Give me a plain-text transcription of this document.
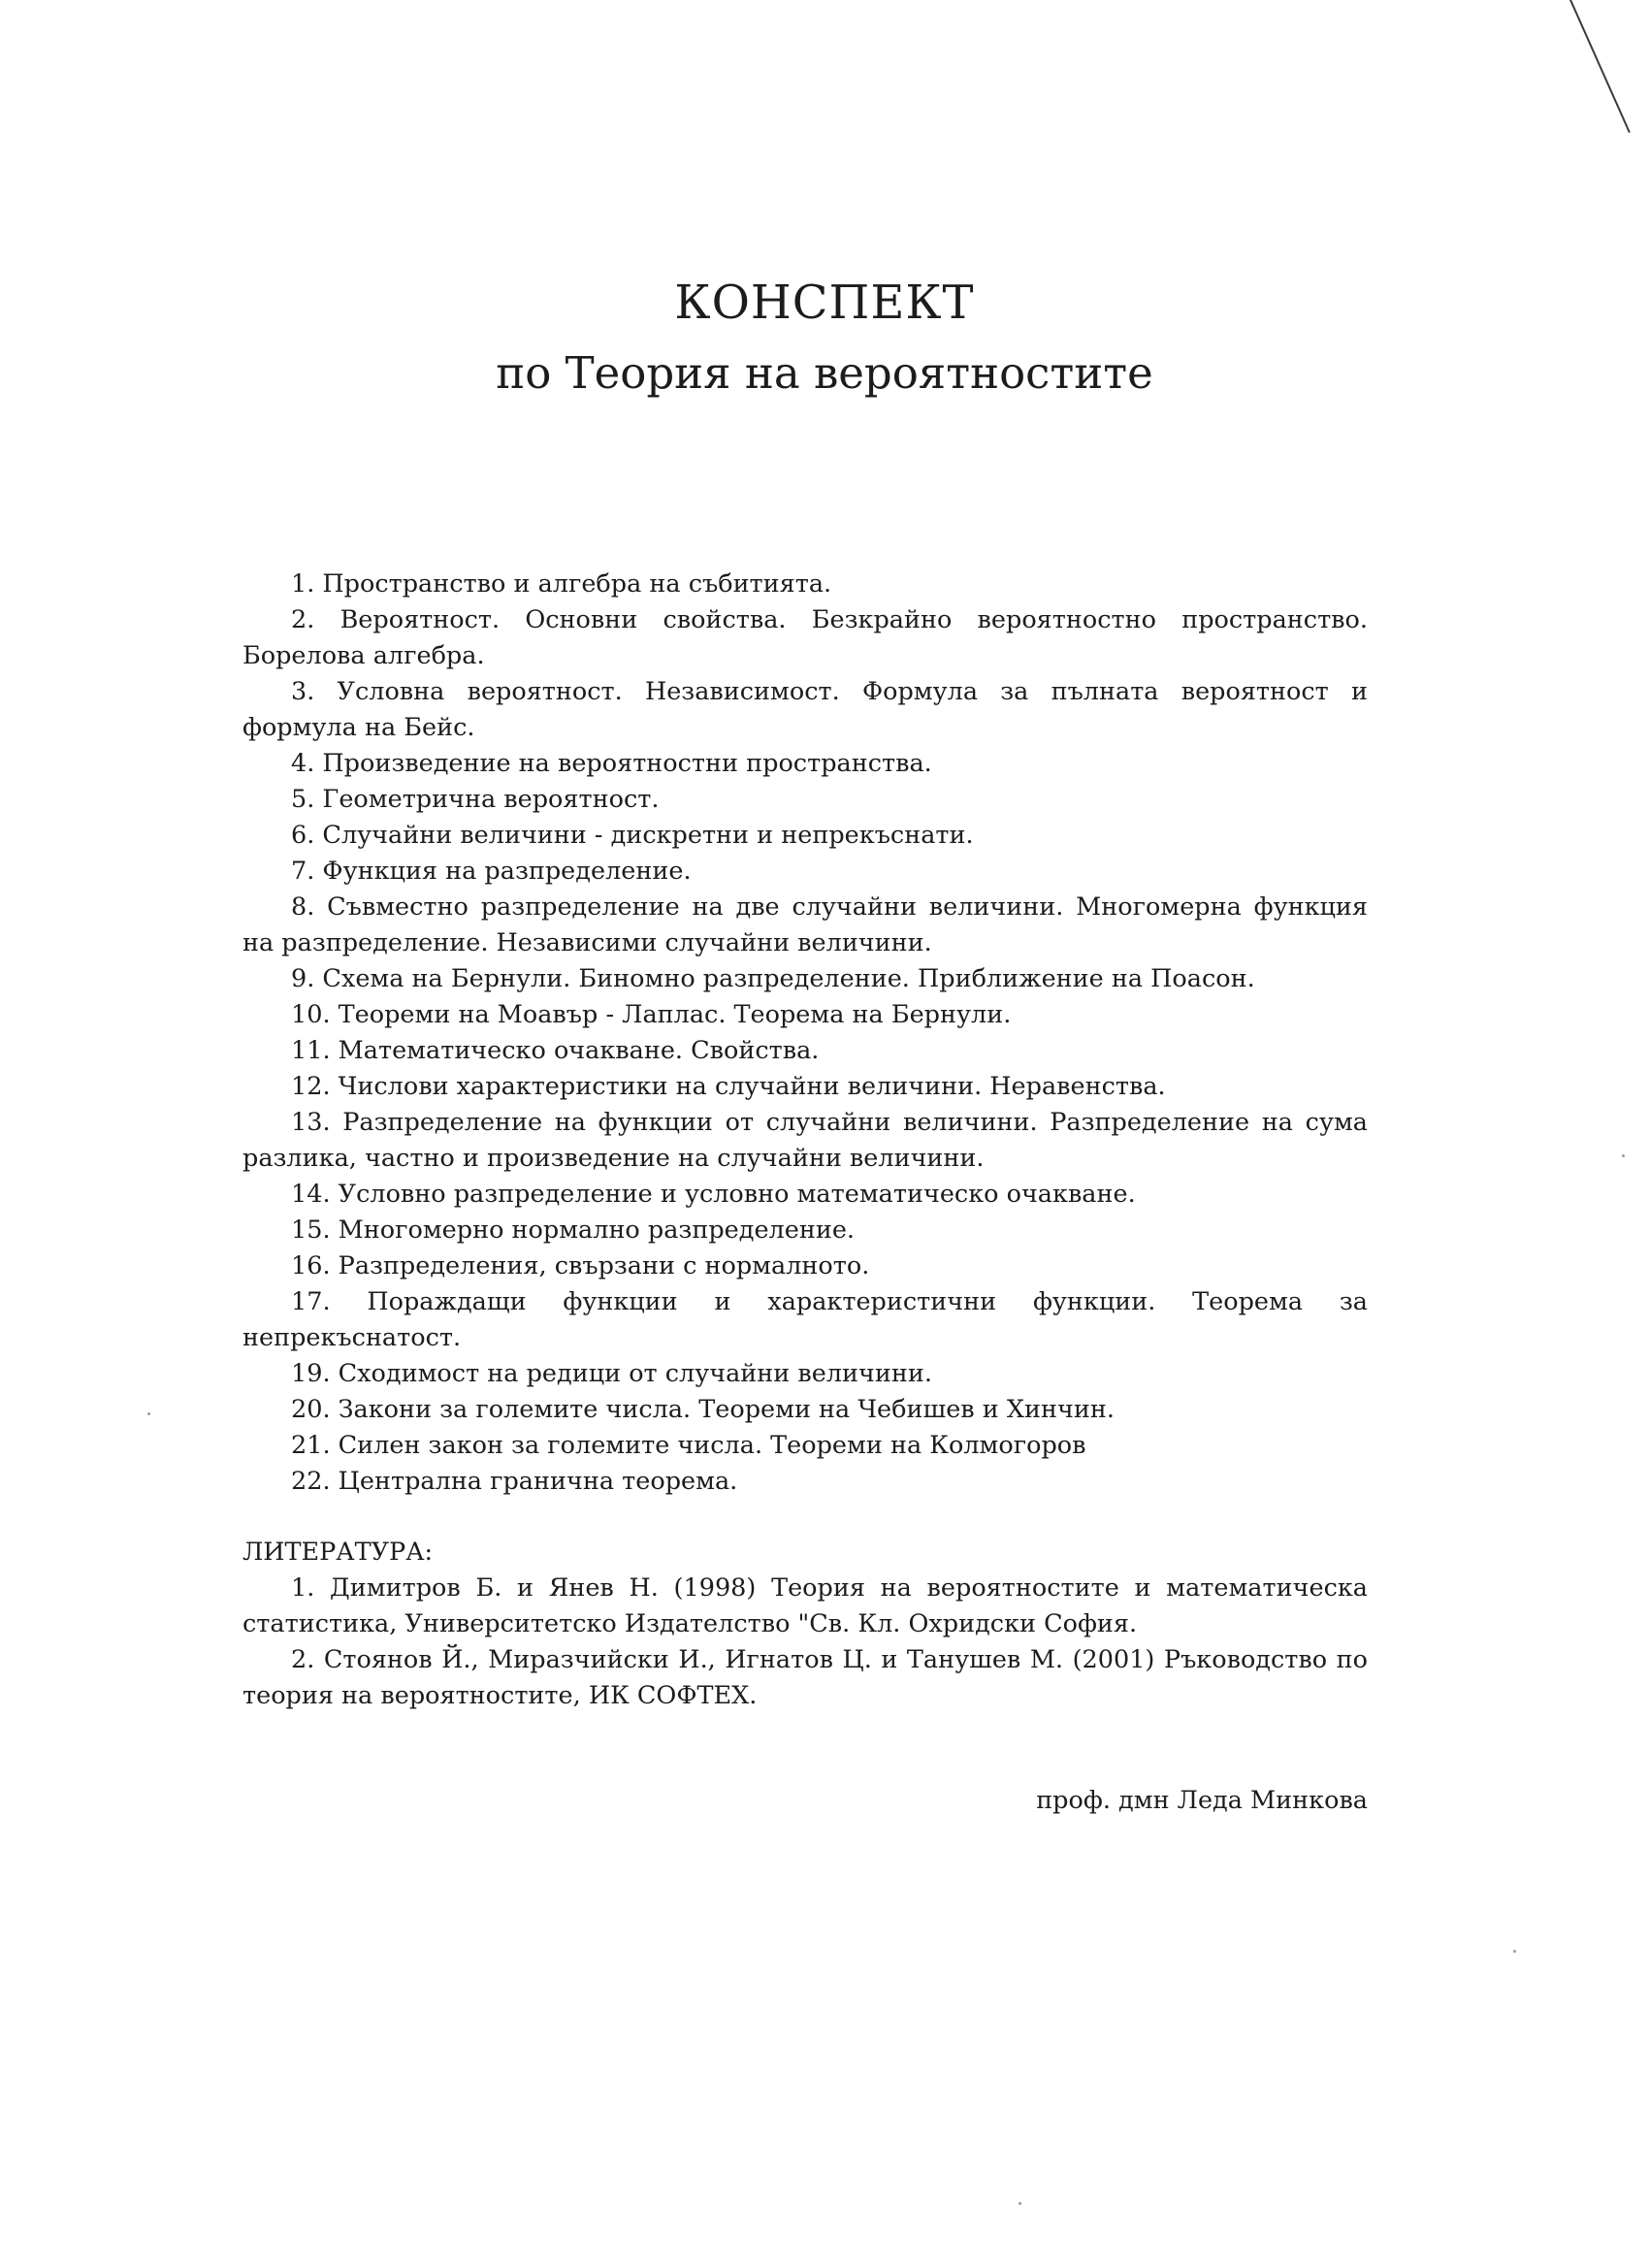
КОНСПЕКТ
по Теория на вероятностите
1. Пространство и алгебра на събитията.
2. Вероятност. Основни свойства. Безкрайно вероятностно пространство. Борелова алгебра.
3. Условна вероятност. Независимост. Формула за пълната вероятност и формула на Бейс.
4. Произведение на вероятностни пространства.
5. Геометрична вероятност.
6. Случайни величини - дискретни и непрекъснати.
7. Функция на разпределение.
8. Съвместно разпределение на две случайни величини. Многомерна функция на разпределение. Независими случайни величини.
9. Схема на Бернули. Биномно разпределение. Приближение на Поасон.
10. Теореми на Моавър - Лаплас. Теорема на Бернули.
11. Математическо очакване. Свойства.
12. Числови характеристики на случайни величини. Неравенства.
13. Разпределение на функции от случайни величини. Разпределение на сума разлика, частно и произведение на случайни величини.
14. Условно разпределение и условно математическо очакване.
15. Многомерно нормално разпределение.
16. Разпределения, свързани с нормалното.
17. Пораждащи функции и характеристични функции. Теорема за непрекъснатост.
19. Сходимост на редици от случайни величини.
20. Закони за големите числа. Теореми на Чебишев и Хинчин.
21. Силен закон за големите числа. Теореми на Колмогоров
22. Централна гранична теорема.
ЛИТЕРАТУРА:
1. Димитров Б. и Янев Н. (1998) Теория на вероятностите и математическа статистика, Университетско Издателство "Св. Кл. Охридски София.
2. Стоянов Й., Миразчийски И., Игнатов Ц. и Танушев М. (2001) Ръководство по теория на вероятностите, ИК СОФТЕХ.
проф. дмн Леда Минкова
